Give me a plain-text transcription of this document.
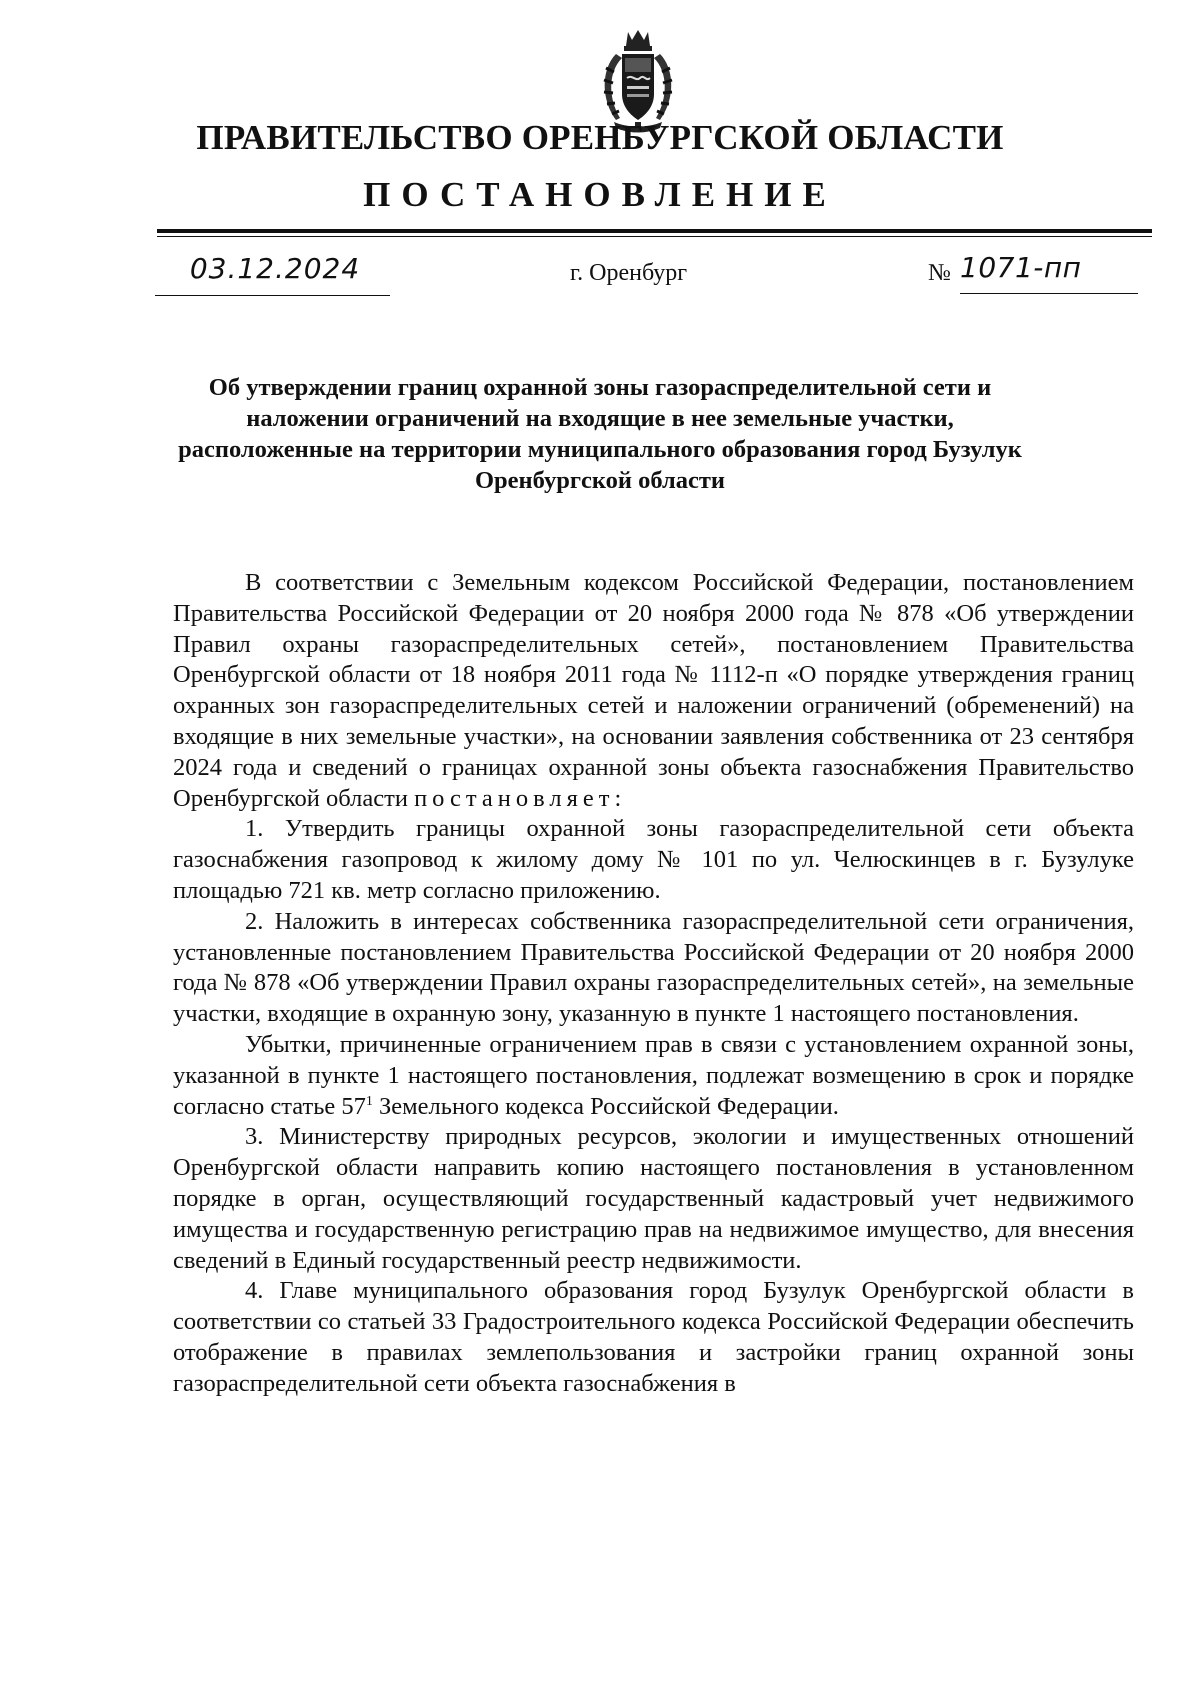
ПРАВИТЕЛЬСТВО ОРЕНБУРГСКОЙ ОБЛАСТИ
ПОСТАНОВЛЕНИЕ
03.12.2024	г. Оренбург	№ 1071-пп
Об утверждении границ охранной зоны газораспределительной сети и
наложении ограничений на входящие в нее земельные участки,
расположенные на территории муниципального образования город Бузулук
Оренбургской области

В соответствии с Земельным кодексом Российской Федерации, постановлением Правительства Российской Федерации от 20 ноября 2000 года № 878 «Об утверждении Правил охраны газораспределительных сетей», постановлением Правительства Оренбургской области от 18 ноября 2011 года № 1112-п «О порядке утверждения границ охранных зон газораспределительных сетей и наложении ограничений (обременений) на входящие в них земельные участки», на основании заявления собственника от 23 сентября 2024 года и сведений о границах охранной зоны объекта газоснабжения Правительство Оренбургской области постановляет:

1. Утвердить границы охранной зоны газораспределительной сети объекта газоснабжения газопровод к жилому дому № 101 по ул. Челюскинцев в г. Бузулуке площадью 721 кв. метр согласно приложению.

2. Наложить в интересах собственника газораспределительной сети ограничения, установленные постановлением Правительства Российской Федерации от 20 ноября 2000 года № 878 «Об утверждении Правил охраны газораспределительных сетей», на земельные участки, входящие в охранную зону, указанную в пункте 1 настоящего постановления.

Убытки, причиненные ограничением прав в связи с установлением охранной зоны, указанной в пункте 1 настоящего постановления, подлежат возмещению в срок и порядке согласно статье $57^1$ Земельного кодекса Российской Федерации.

3. Министерству природных ресурсов, экологии и имущественных отношений Оренбургской области направить копию настоящего постановления в установленном порядке в орган, осуществляющий государственный кадастровый учет недвижимого имущества и государственную регистрацию прав на недвижимое имущество, для внесения сведений в Единый государственный реестр недвижимости.

4. Главе муниципального образования город Бузулук Оренбургской области в соответствии со статьей 33 Градостроительного кодекса Российской Федерации обеспечить отображение в правилах землепользования и застройки границ охранной зоны газораспределительной сети объекта газоснабжения в
